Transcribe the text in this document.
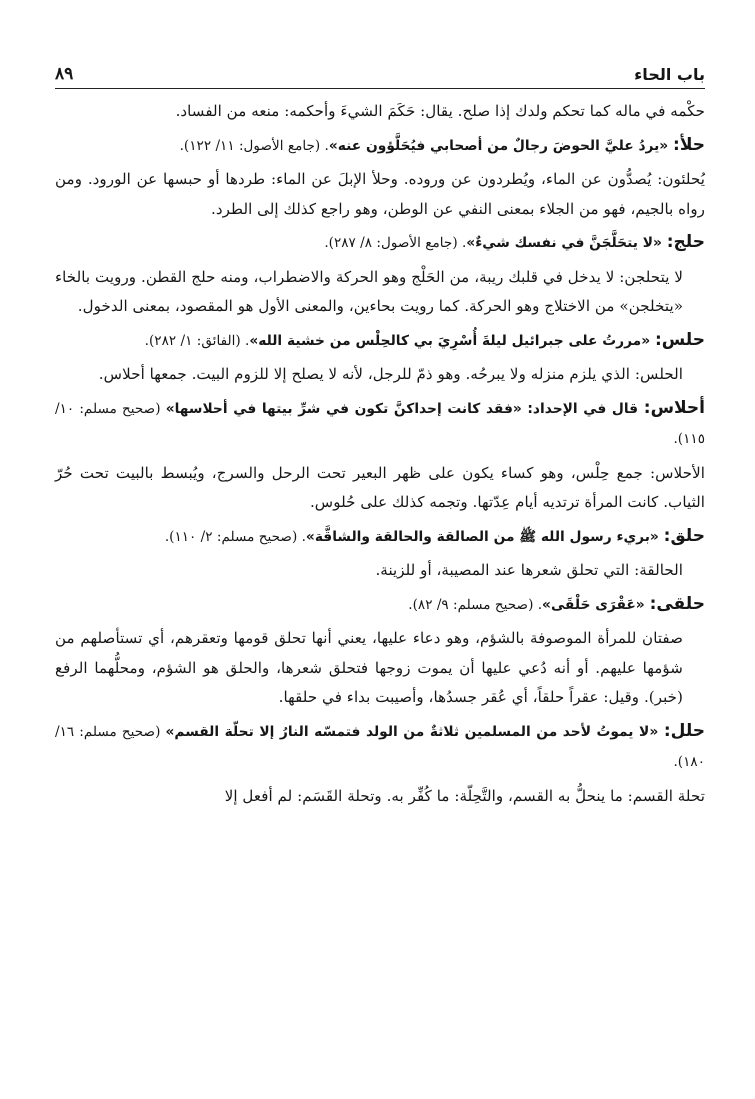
باب الحاء
٨٩

حكْمه في ماله كما تحكم ولدك إذا صلح. يقال: حَكَمَ الشيءَ وأحكمه: منعه من الفساد.

حلأ: «يردُ عليَّ الحوضَ رجالٌ من أصحابي فيُحَلَّؤون عنه». (جامع الأصول: ١١/ ١٢٢).

يُحلئون: يُصدُّون عن الماء، ويُطردون عن وروده. وحلأ الإبلَ عن الماء: طردها أو حبسها عن الورود. ومن رواه بالجيم، فهو من الجلاء بمعنى النفي عن الوطن، وهو راجع كذلك إلى الطرد.

حلج: «لا يتحَلَّجَنَّ في نفسك شيءٌ». (جامع الأصول: ٨/ ٢٨٧).

لا يتحلجن: لا يدخل في قلبك ريبة، من الحَلْج وهو الحركة والاضطراب، ومنه حلج القطن. ورويت بالخاء «يتخلجن» من الاختلاج وهو الحركة. كما رويت بحاءين، والمعنى الأول هو المقصود، بمعنى الدخول.

حلس: «مررتُ على جبرائيل ليلةَ أُسْرِيَ بي كالحِلْس من خشية الله». (الفائق: ١/ ٢٨٢).

الحلس: الذي يلزم منزله ولا يبرحُه. وهو ذمّ للرجل، لأنه لا يصلح إلا للزوم البيت. جمعها أحلاس.

أحلاس: قال في الإحداد: «فقد كانت إحداكنَّ تكون في شرِّ بيتها في أحلاسها» (صحيح مسلم: ١٠/ ١١٥).

الأحلاس: جمع حِلْس، وهو كساء يكون على ظهر البعير تحت الرحل والسرج، ويُبسط بالبيت تحت حُرّ الثياب. كانت المرأة ترتديه أيام عِدّتها. وتجمه كذلك على حُلوس.

حلق: «بريء رسول الله ﷺ من الصالقة والحالقة والشاقَّة». (صحيح مسلم: ٢/ ١١٠).

الحالقة: التي تحلق شعرها عند المصيبة، أو للزينة.

حلقى: «عَقْرَى حَلْقَى». (صحيح مسلم: ٩/ ٨٢).

صفتان للمرأة الموصوفة بالشؤم، وهو دعاء عليها، يعني أنها تحلق قومها وتعقرهم، أي تستأصلهم من شؤمها عليهم. أو أنه دُعي عليها أن يموت زوجها فتحلق شعرها، والحلق هو الشؤم، ومحلُّهما الرفع (خبر). وقيل: عقراً حلقاً، أي عُقر جسدُها، وأصيبت بداء في حلقها.

حلل: «لا يموتُ لأحد من المسلمين ثلاثةٌ من الولد فتمسّه النارُ إلا تحلّة القسم» (صحيح مسلم: ١٦/ ١٨٠).

تحلة القسم: ما ينحلُّ به القسم، والتَّحِلّة: ما كُفِّر به. وتحلة القَسَم: لم أفعل إلا
